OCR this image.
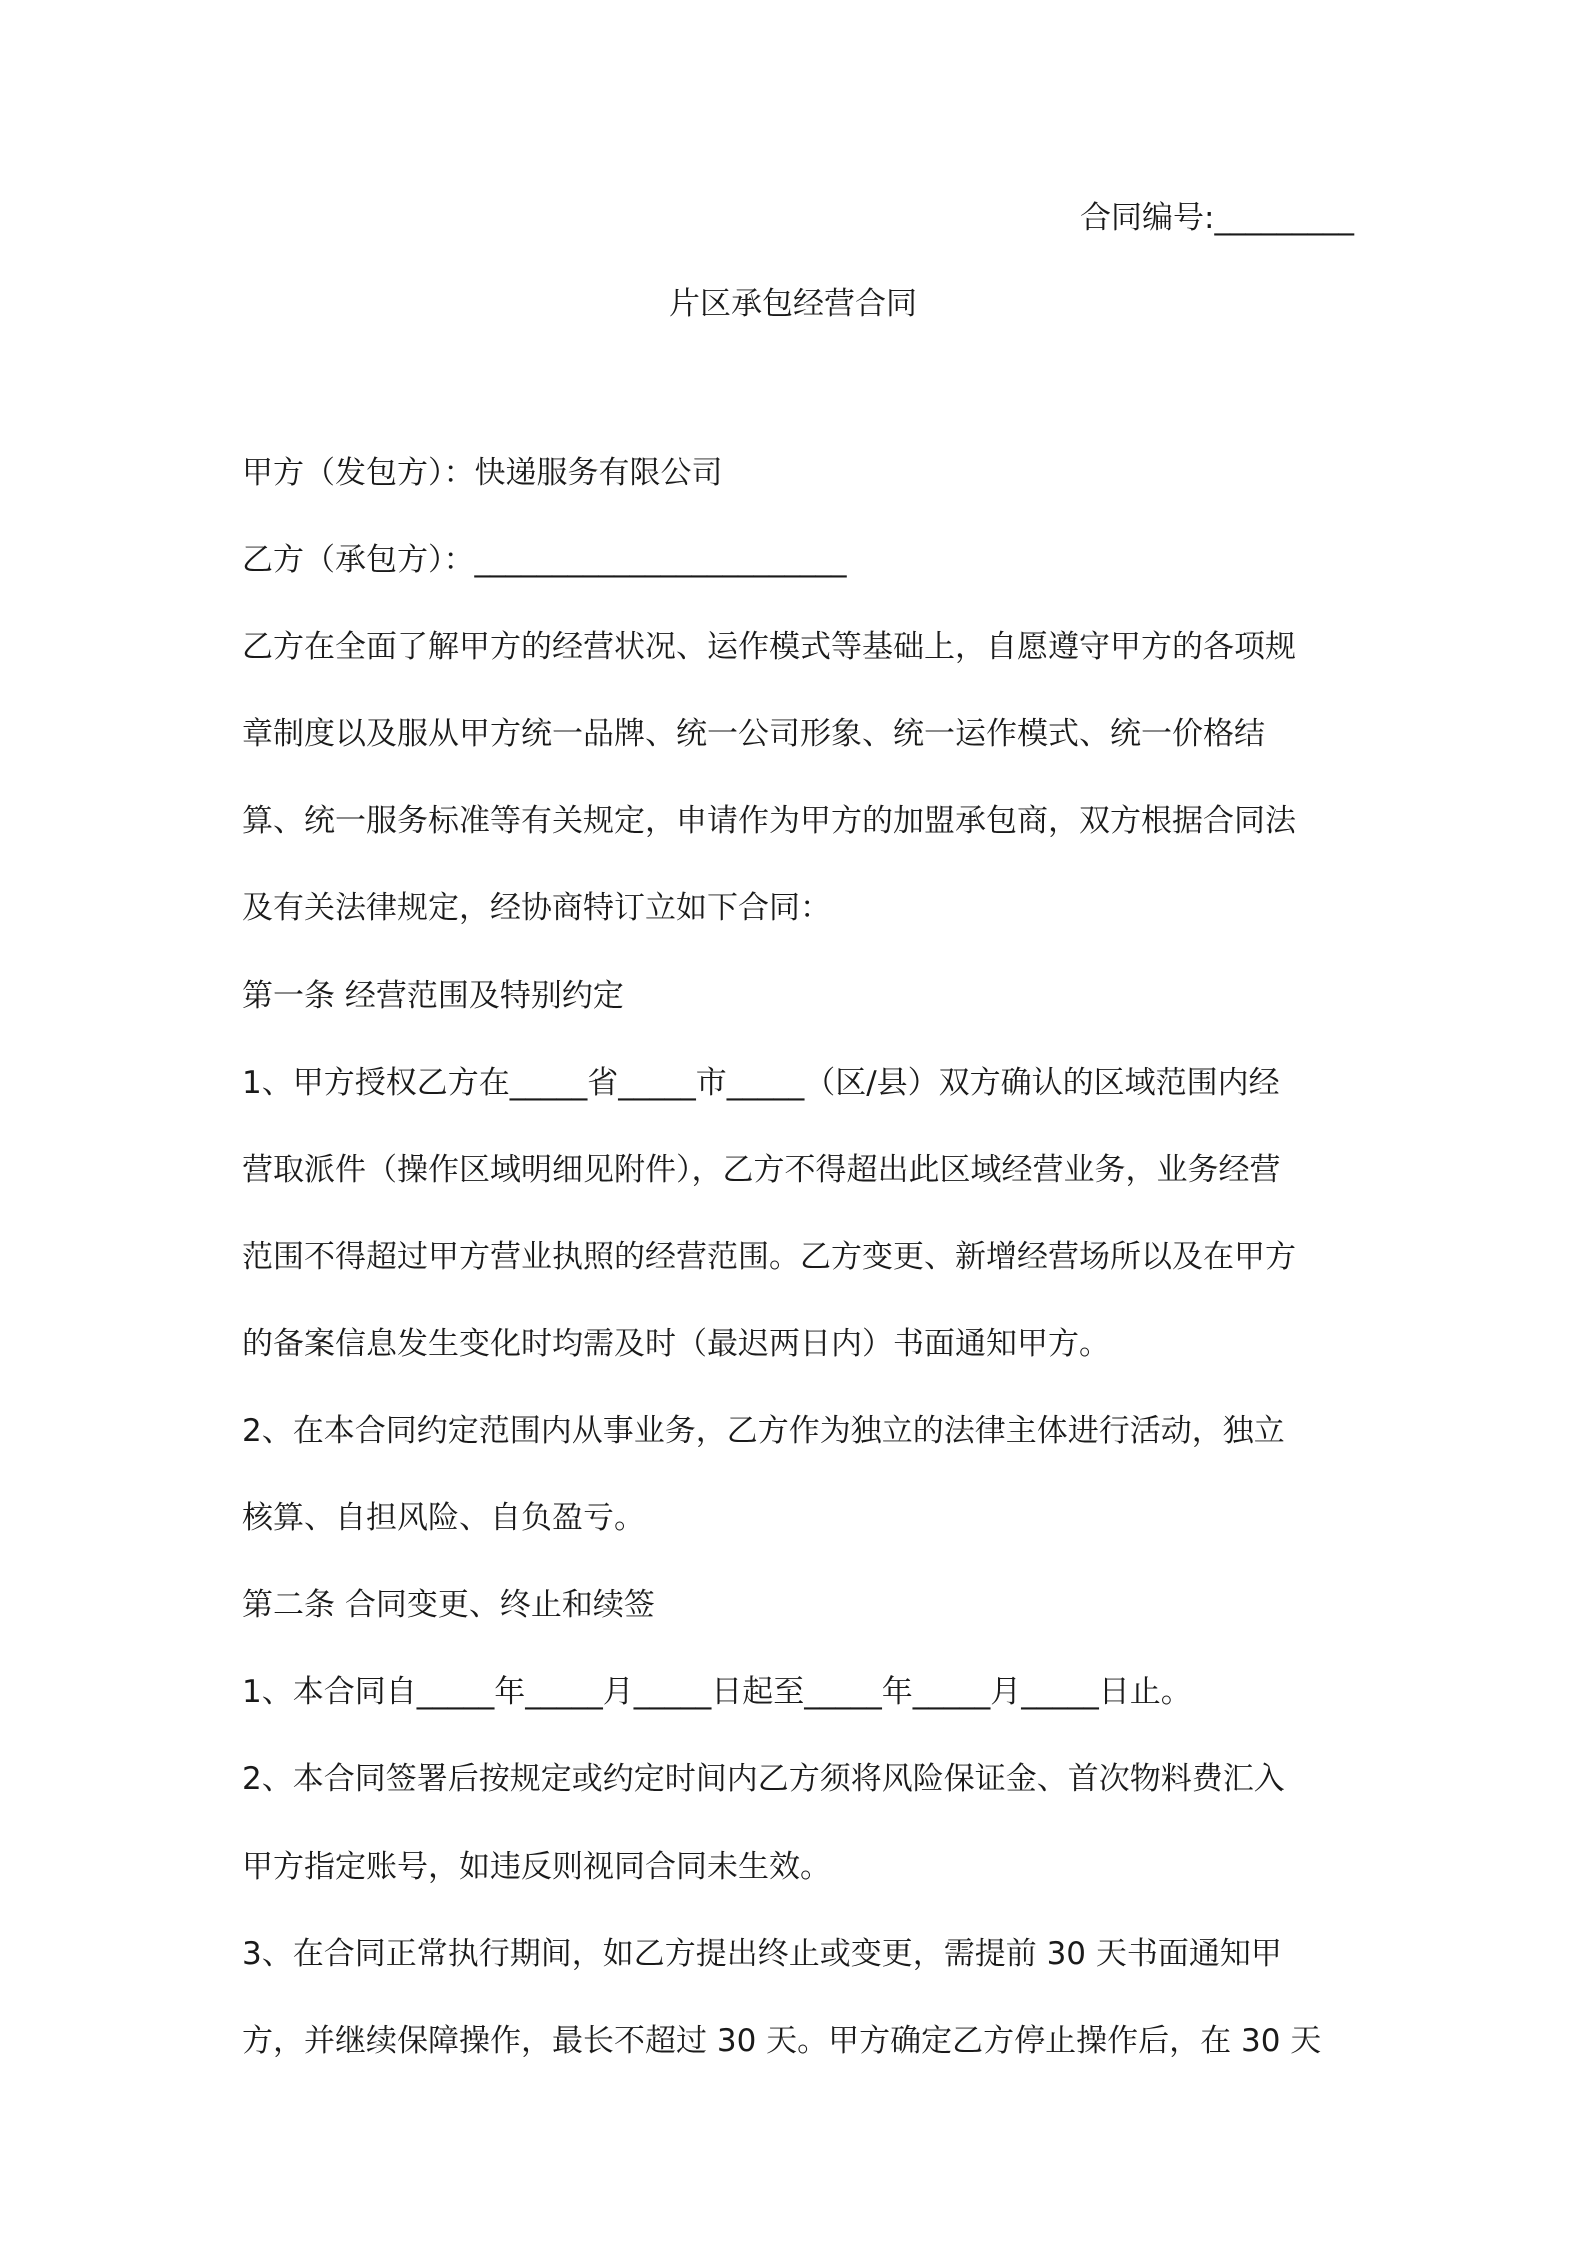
合同编号:_________
片区承包经营合同
甲方（发包方）：快递服务有限公司
乙方（承包方）：________________________
乙方在全面了解甲方的经营状况、运作模式等基础上，自愿遵守甲方的各项规
章制度以及服从甲方统一品牌、统一公司形象、统一运作模式、统一价格结
算、统一服务标准等有关规定，申请作为甲方的加盟承包商，双方根据合同法
及有关法律规定，经协商特订立如下合同：
第一条 经营范围及特别约定
1、甲方授权乙方在_____省_____市_____（区/县）双方确认的区域范围内经
营取派件（操作区域明细见附件），乙方不得超出此区域经营业务，业务经营
范围不得超过甲方营业执照的经营范围。乙方变更、新增经营场所以及在甲方
的备案信息发生变化时均需及时（最迟两日内）书面通知甲方。
2、在本合同约定范围内从事业务，乙方作为独立的法律主体进行活动，独立
核算、自担风险、自负盈亏。
第二条 合同变更、终止和续签
1、本合同自_____年_____月_____日起至_____年_____月_____日止。
2、本合同签署后按规定或约定时间内乙方须将风险保证金、首次物料费汇入
甲方指定账号，如违反则视同合同未生效。
3、在合同正常执行期间，如乙方提出终止或变更，需提前 30 天书面通知甲
方，并继续保障操作，最长不超过 30 天。甲方确定乙方停止操作后，在 30 天
